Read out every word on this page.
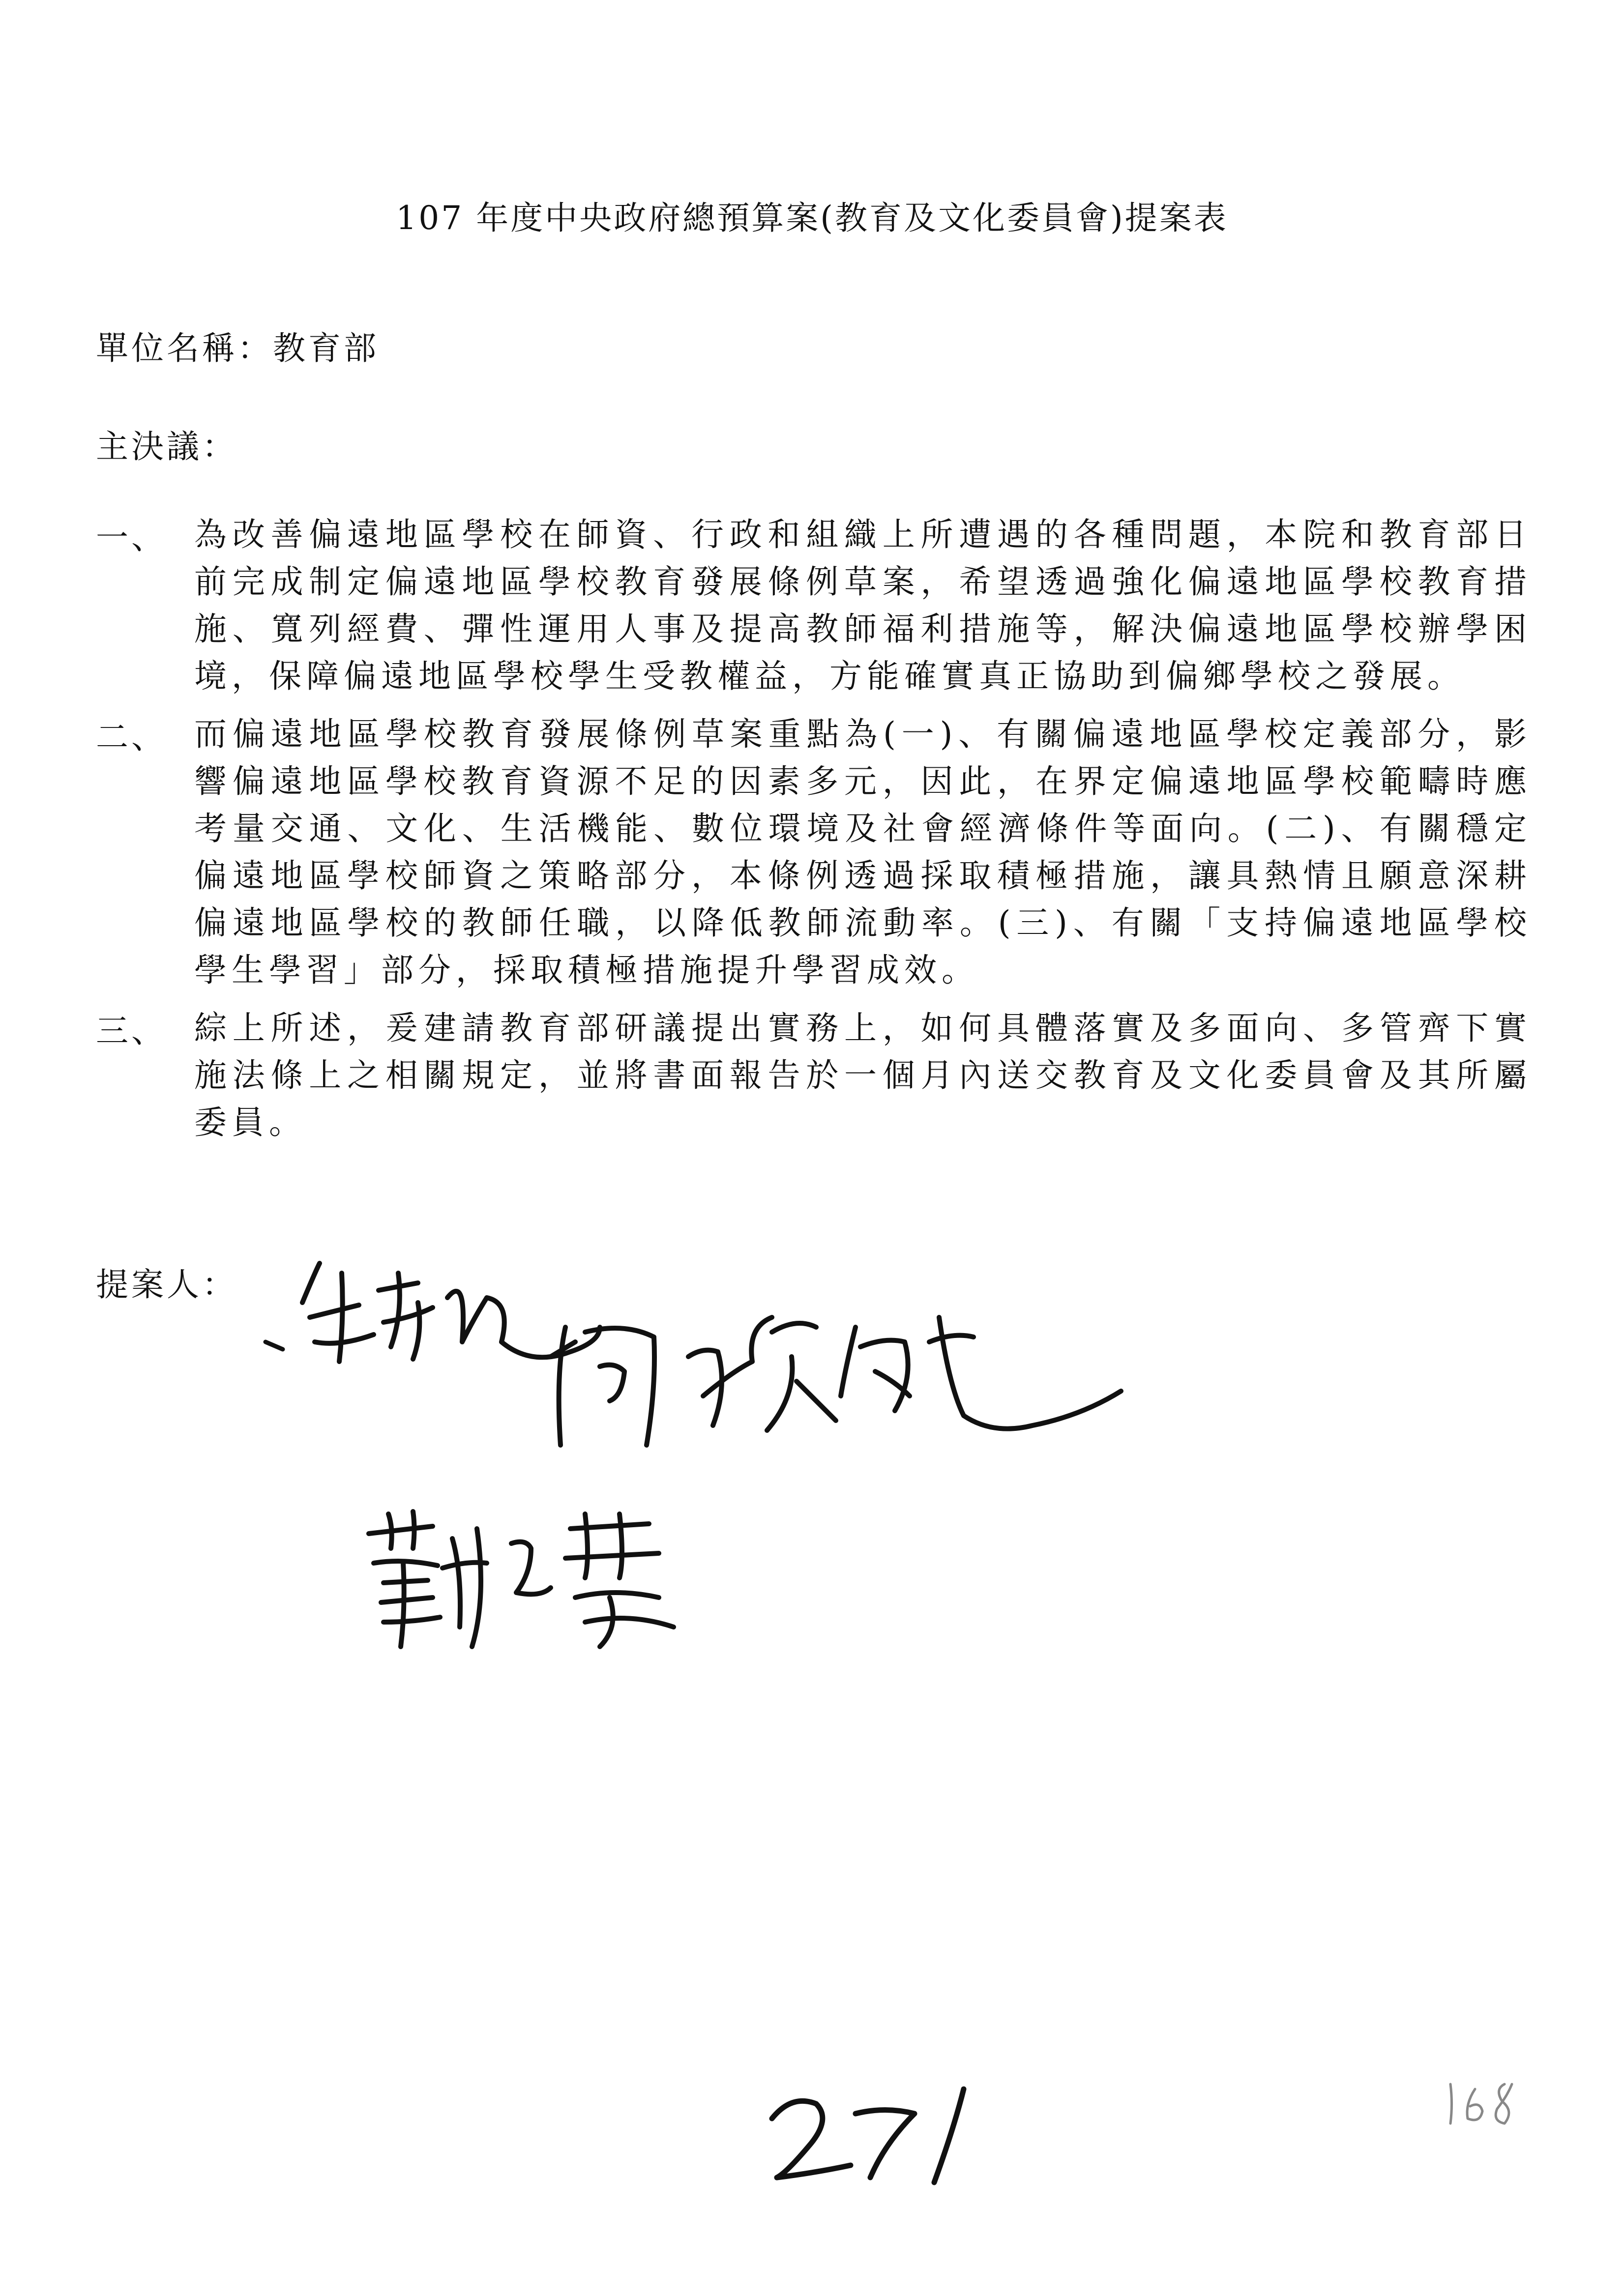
107 年度中央政府總預算案(教育及文化委員會)提案表
單位名稱：教育部
主決議：
一、 為改善偏遠地區學校在師資、行政和組織上所遭遇的各種問題，本院和教育部日前完成制定偏遠地區學校教育發展條例草案，希望透過強化偏遠地區學校教育措施、寬列經費、彈性運用人事及提高教師福利措施等，解決偏遠地區學校辦學困境，保障偏遠地區學校學生受教權益，方能確實真正協助到偏鄉學校之發展。
二、 而偏遠地區學校教育發展條例草案重點為(一)、有關偏遠地區學校定義部分，影響偏遠地區學校教育資源不足的因素多元，因此，在界定偏遠地區學校範疇時應考量交通、文化、生活機能、數位環境及社會經濟條件等面向。(二)、有關穩定偏遠地區學校師資之策略部分，本條例透過採取積極措施，讓具熱情且願意深耕偏遠地區學校的教師任職，以降低教師流動率。(三)、有關「支持偏遠地區學校學生學習」部分，採取積極措施提升學習成效。
三、 綜上所述，爰建請教育部研議提出實務上，如何具體落實及多面向、多管齊下實施法條上之相關規定，並將書面報告於一個月內送交教育及文化委員會及其所屬委員。
提案人：
